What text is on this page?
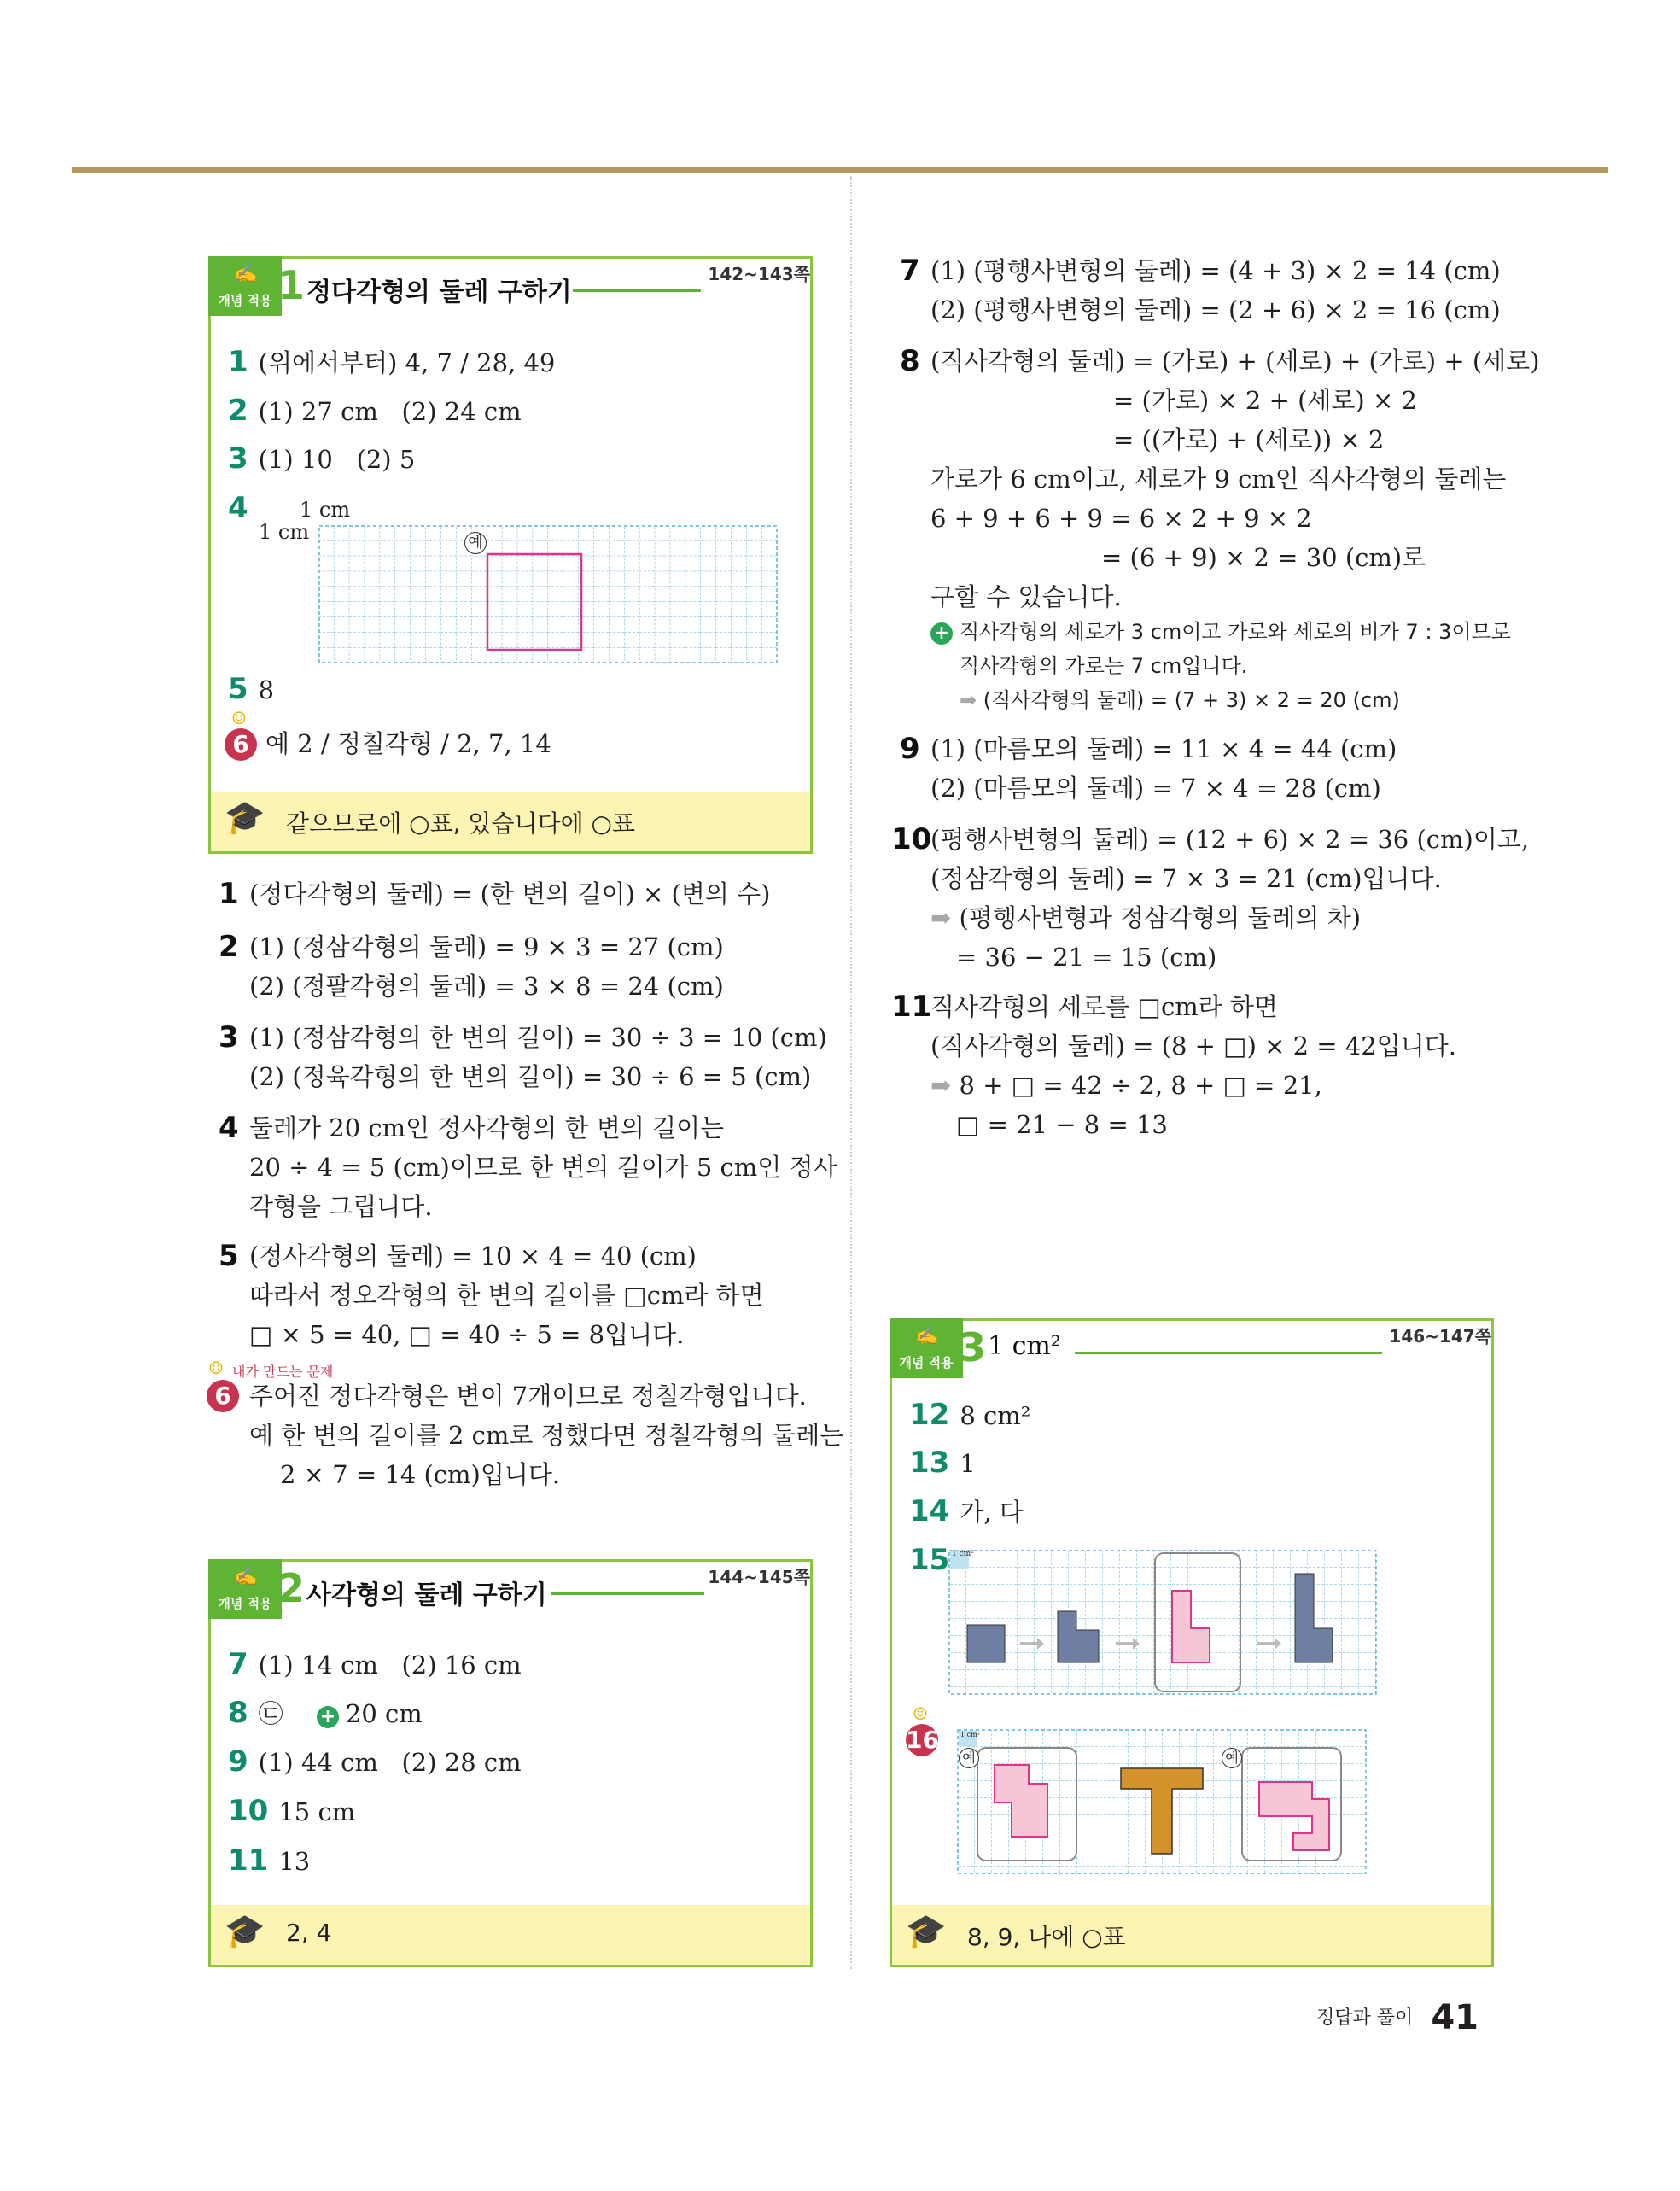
✍
개념 적용 1 정다각형의 둘레 구하기
142~143쪽
1 (위에서부터) 4, 7 / 28, 49
2 (1) 27 cm   (2) 24 cm
3 (1) 10   (2) 5
4	1 cm
1 cm	예
5 8
☺
6 예 2 / 정칠각형 / 2, 7, 14
🎓 같으므로에 ○표, 있습니다에 ○표
1 (정다각형의 둘레) = (한 변의 길이) × (변의 수)
2 (1) (정삼각형의 둘레) = 9 × 3 = 27 (cm)
(2) (정팔각형의 둘레) = 3 × 8 = 24 (cm)
3 (1) (정삼각형의 한 변의 길이) = 30 ÷ 3 = 10 (cm)
(2) (정육각형의 한 변의 길이) = 30 ÷ 6 = 5 (cm)
4 둘레가 20 cm인 정사각형의 한 변의 길이는
20 ÷ 4 = 5 (cm)이므로 한 변의 길이가 5 cm인 정사
각형을 그립니다.
5 (정사각형의 둘레) = 10 × 4 = 40 (cm)
따라서 정오각형의 한 변의 길이를 □cm라 하면
□ × 5 = 40, □ = 40 ÷ 5 = 8입니다.
내가 만드는 문제
☺
6 주어진 정다각형은 변이 7개이므로 정칠각형입니다.
예 한 변의 길이를 2 cm로 정했다면 정칠각형의 둘레는
2 × 7 = 14 (cm)입니다.
✍
개념 적용 2 사각형의 둘레 구하기
144~145쪽
7 (1) 14 cm   (2) 16 cm
8 ㉢ + 20 cm
9 (1) 44 cm   (2) 28 cm
10 15 cm
11 13
🎓 2, 4
7 (1) (평행사변형의 둘레) = (4 + 3) × 2 = 14 (cm)
(2) (평행사변형의 둘레) = (2 + 6) × 2 = 16 (cm)
8 (직사각형의 둘레) = (가로) + (세로) + (가로) + (세로)
= (가로) × 2 + (세로) × 2
= ((가로) + (세로)) × 2
가로가 6 cm이고, 세로가 9 cm인 직사각형의 둘레는
6 + 9 + 6 + 9 = 6 × 2 + 9 × 2
= (6 + 9) × 2 = 30 (cm)로
구할 수 있습니다.
+ 직사각형의 세로가 3 cm이고 가로와 세로의 비가 7 : 3이므로
직사각형의 가로는 7 cm입니다.
➡ (직사각형의 둘레) = (7 + 3) × 2 = 20 (cm)
9 (1) (마름모의 둘레) = 11 × 4 = 44 (cm)
(2) (마름모의 둘레) = 7 × 4 = 28 (cm)
10
(평행사변형의 둘레) = (12 + 6) × 2 = 36 (cm)이고,
(정삼각형의 둘레) = 7 × 3 = 21 (cm)입니다.
➡ (평행사변형과 정삼각형의 둘레의 차)
= 36 − 21 = 15 (cm)
11
직사각형의 세로를 □cm라 하면
(직사각형의 둘레) = (8 + □) × 2 = 42입니다.
➡ 8 + □ = 42 ÷ 2, 8 + □ = 21,
□ = 21 − 8 = 13
✍
개념 적용 3 1 cm²	146~147쪽
12 8 cm²
13 1
14 가, 다
15 1 cm²
☺
16	1 cm²
예	예
🎓 8, 9, 나에 ○표
정답과 풀이 41
